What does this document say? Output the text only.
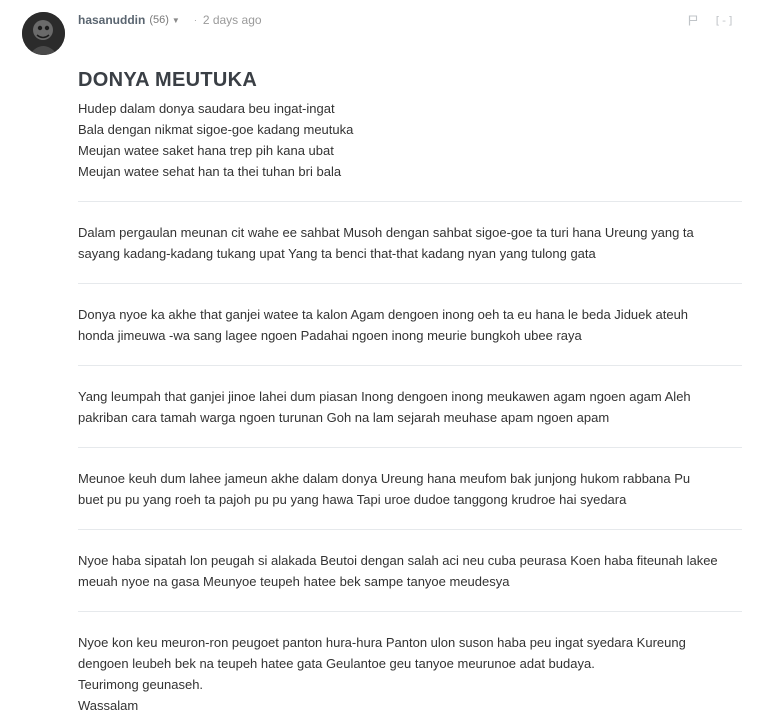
hasanuddin (56) ▼ · 2 days ago	[-]
DONYA MEUTUKA
Hudep dalam donya saudara beu ingat-ingat
Bala dengan nikmat sigoe-goe kadang meutuka
Meujan watee saket hana trep pih kana ubat
Meujan watee sehat han ta thei tuhan bri bala
Dalam pergaulan meunan cit wahe ee sahbat Musoh dengan sahbat sigoe-goe ta turi hana Ureung yang ta
sayang kadang-kadang tukang upat Yang ta benci that-that kadang nyan yang tulong gata
Donya nyoe ka akhe that ganjei watee ta kalon Agam dengoen inong oeh ta eu hana le beda Jiduek ateuh
honda jimeuwa -wa sang lagee ngoen Padahai ngoen inong meurie bungkoh ubee raya
Yang leumpah that ganjei jinoe lahei dum piasan Inong dengoen inong meukawen agam ngoen agam Aleh
pakriban cara tamah warga ngoen turunan Goh na lam sejarah meuhase apam ngoen apam
Meunoe keuh dum lahee jameun akhe dalam donya Ureung hana meufom bak junjong hukom rabbana Pu
buet pu pu yang roeh ta pajoh pu pu yang hawa Tapi uroe dudoe tanggong krudroe hai syedara
Nyoe haba sipatah lon peugah si alakada Beutoi dengan salah aci neu cuba peurasa Koen haba fiteunah lakee
meuah nyoe na gasa Meunyoe teupeh hatee bek sampe tanyoe meudesya
Nyoe kon keu meuron-ron peugoet panton hura-hura Panton ulon suson haba peu ingat syedara Kureung
dengoen leubeh bek na teupeh hatee gata Geulantoe geu tanyoe meurunoe adat budaya.
Teurimong geunaseh.
Wassalam
